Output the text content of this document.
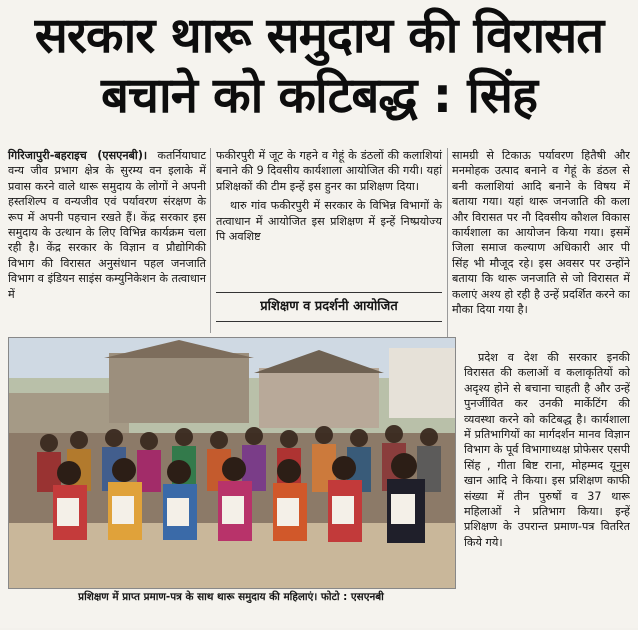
सरकार थारू समुदाय की विरासत
बचाने को कटिबद्ध : सिंह

गिरिजापुरी-बहराइच (एसएनबी)। कतर्नियाघाट वन्य जीव प्रभाग क्षेत्र के सुरम्य वन इलाके में प्रवास करने वाले थारू समुदाय के लोगों ने अपनी हस्तशिल्प व वन्यजीव एवं पर्यावरण संरक्षण के रूप में अपनी पहचान रखते हैं। केंद्र सरकार इस समुदाय के उत्थान के लिए विभिन्न कार्यक्रम चला रही है। केंद्र सरकार के विज्ञान व प्रौद्योगिकी विभाग की विरासत अनुसंधान पहल जनजाति विभाग व इंडियन साइंस कम्युनिकेशन के तत्वाधान में

फकीरपुरी में जूट के गहने व गेहूं के डंठलों की कलाशियां बनाने की 9 दिवसीय कार्यशाला आयोजित की गयी। यहां प्रशिक्षकों की टीम इन्हें इस हुनर का प्रशिक्षण दिया।

थारु गांव फकीरपुरी में सरकार के विभिन्न विभागों के तत्वाधान में आयोजित इस प्रशिक्षण में इन्हें निष्प्रयोज्य पि अवशिष्ट

प्रशिक्षण व प्रदर्शनी आयोजित

सामग्री से टिकाऊ पर्यावरण हितैषी और मनमोहक उत्पाद बनाने व गेहूं के डंठल से बनी कलाशियां आदि बनाने के विषय में बताया गया। यहां थारू जनजाति की कला और विरासत पर नौ दिवसीय कौशल विकास कार्यशाला का आयोजन किया गया। इसमें जिला समाज कल्याण अधिकारी आर पी सिंह भी मौजूद रहे। इस अवसर पर उन्होंने बताया कि थारू जनजाति से जो विरासत में कलाएं अश्य हो रही है उन्हें प्रदर्शित करने का मौका दिया गया है।

प्रदेश व देश की सरकार इनकी विरासत की कलाओं व कलाकृतियों को अदृश्य होने से बचाना चाहती है और उन्हें पुनर्जीवित कर उनकी मार्केटिंग की व्यवस्था करने को कटिबद्ध है। कार्यशाला में प्रतिभागियों का मार्गदर्शन मानव विज्ञान विभाग के पूर्व विभागाध्यक्ष प्रोफेसर एसपी सिंह , गीता बिष्ट राना, मोहम्मद यूनुस खान आदि ने किया। इस प्रशिक्षण काफी संख्या में तीन पुरुषों व 37 थारू महिलाओं ने प्रतिभाग किया। इन्हें प्रशिक्षण के उपरान्त प्रमाण-पत्र वितरित किये गये।

प्रशिक्षण में प्राप्त प्रमाण-पत्र के साथ थारू समुदाय की महिलाएं। फोटो : एसएनबी
